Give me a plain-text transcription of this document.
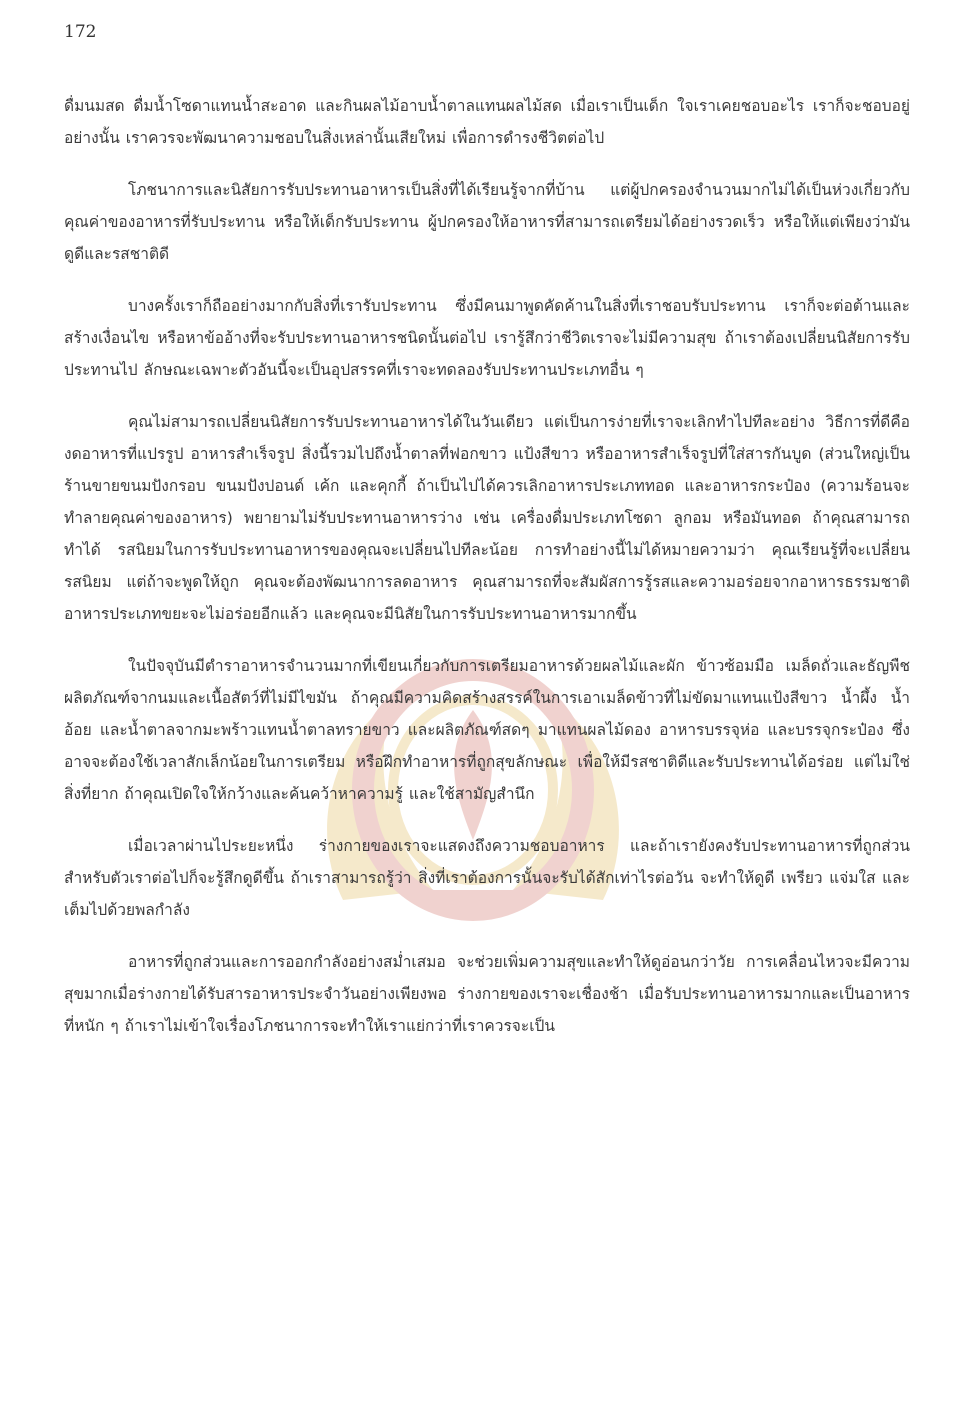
172

ดื่มนมสด ดื่มน้ำโซดาแทนน้ำสะอาด และกินผลไม้อาบน้ำตาลแทนผลไม้สด เมื่อเราเป็นเด็ก ใจเราเคยชอบอะไร เราก็จะชอบอยู่อย่างนั้น เราควรจะพัฒนาความชอบในสิ่งเหล่านั้นเสียใหม่ เพื่อการดำรงชีวิตต่อไป

โภชนาการและนิสัยการรับประทานอาหารเป็นสิ่งที่ได้เรียนรู้จากที่บ้าน แต่ผู้ปกครองจำนวนมากไม่ได้เป็นห่วงเกี่ยวกับคุณค่าของอาหารที่รับประทาน หรือให้เด็กรับประทาน ผู้ปกครองให้อาหารที่สามารถเตรียมได้อย่างรวดเร็ว หรือให้แต่เพียงว่ามันดูดีและรสชาติดี

บางครั้งเราก็ถืออย่างมากกับสิ่งที่เรารับประทาน ซึ่งมีคนมาพูดคัดค้านในสิ่งที่เราชอบรับประทาน เราก็จะต่อต้านและสร้างเงื่อนไข หรือหาข้ออ้างที่จะรับประทานอาหารชนิดนั้นต่อไป เรารู้สึกว่าชีวิตเราจะไม่มีความสุข ถ้าเราต้องเปลี่ยนนิสัยการรับประทานไป ลักษณะเฉพาะตัวอันนี้จะเป็นอุปสรรคที่เราจะทดลองรับประทานประเภทอื่น ๆ

คุณไม่สามารถเปลี่ยนนิสัยการรับประทานอาหารได้ในวันเดียว แต่เป็นการง่ายที่เราจะเลิกทำไปทีละอย่าง วิธีการที่ดีคือ งดอาหารที่แปรรูป อาหารสำเร็จรูป สิ่งนี้รวมไปถึงน้ำตาลที่ฟอกขาว แป้งสีขาว หรืออาหารสำเร็จรูปที่ใส่สารกันบูด (ส่วนใหญ่เป็นร้านขายขนมปังกรอบ ขนมปังปอนด์ เค้ก และคุกกี้ ถ้าเป็นไปได้ควรเลิกอาหารประเภททอด และอาหารกระป๋อง (ความร้อนจะทำลายคุณค่าของอาหาร) พยายามไม่รับประทานอาหารว่าง เช่น เครื่องดื่มประเภทโซดา ลูกอม หรือมันทอด ถ้าคุณสามารถทำได้ รสนิยมในการรับประทานอาหารของคุณจะเปลี่ยนไปทีละน้อย การทำอย่างนี้ไม่ได้หมายความว่า คุณเรียนรู้ที่จะเปลี่ยนรสนิยม แต่ถ้าจะพูดให้ถูก คุณจะต้องพัฒนาการลดอาหาร คุณสามารถที่จะสัมผัสการรู้รสและความอร่อยจากอาหารธรรมชาติ อาหารประเภทขยะจะไม่อร่อยอีกแล้ว และคุณจะมีนิสัยในการรับประทานอาหารมากขึ้น

ในปัจจุบันมีตำราอาหารจำนวนมากที่เขียนเกี่ยวกับการเตรียมอาหารด้วยผลไม้และผัก ข้าวซ้อมมือ เมล็ดถั่วและธัญพืช ผลิตภัณฑ์จากนมและเนื้อสัตว์ที่ไม่มีไขมัน ถ้าคุณมีความคิดสร้างสรรค์ในการเอาเมล็ดข้าวที่ไม่ขัดมาแทนแป้งสีขาว น้ำผึ้ง น้ำอ้อย และน้ำตาลจากมะพร้าวแทนน้ำตาลทรายขาว และผลิตภัณฑ์สดๆ มาแทนผลไม้ดอง อาหารบรรจุห่อ และบรรจุกระป๋อง ซึ่งอาจจะต้องใช้เวลาสักเล็กน้อยในการเตรียม หรือฝึกทำอาหารที่ถูกสุขลักษณะ เพื่อให้มีรสชาติดีและรับประทานได้อร่อย แต่ไม่ใช่สิ่งที่ยาก ถ้าคุณเปิดใจให้กว้างและค้นคว้าหาความรู้ และใช้สามัญสำนึก

เมื่อเวลาผ่านไประยะหนึ่ง ร่างกายของเราจะแสดงถึงความชอบอาหาร และถ้าเรายังคงรับประทานอาหารที่ถูกส่วนสำหรับตัวเราต่อไปก็จะรู้สึกดูดีขึ้น ถ้าเราสามารถรู้ว่า สิ่งที่เราต้องการนั้นจะรับได้สักเท่าไรต่อวัน จะทำให้ดูดี เพรียว แจ่มใส และเต็มไปด้วยพลกำลัง

อาหารที่ถูกส่วนและการออกกำลังอย่างสม่ำเสมอ จะช่วยเพิ่มความสุขและทำให้ดูอ่อนกว่าวัย การเคลื่อนไหวจะมีความสุขมากเมื่อร่างกายได้รับสารอาหารประจำวันอย่างเพียงพอ ร่างกายของเราจะเชื่องช้า เมื่อรับประทานอาหารมากและเป็นอาหารที่หนัก ๆ ถ้าเราไม่เข้าใจเรื่องโภชนาการจะทำให้เราแย่กว่าที่เราควรจะเป็น
